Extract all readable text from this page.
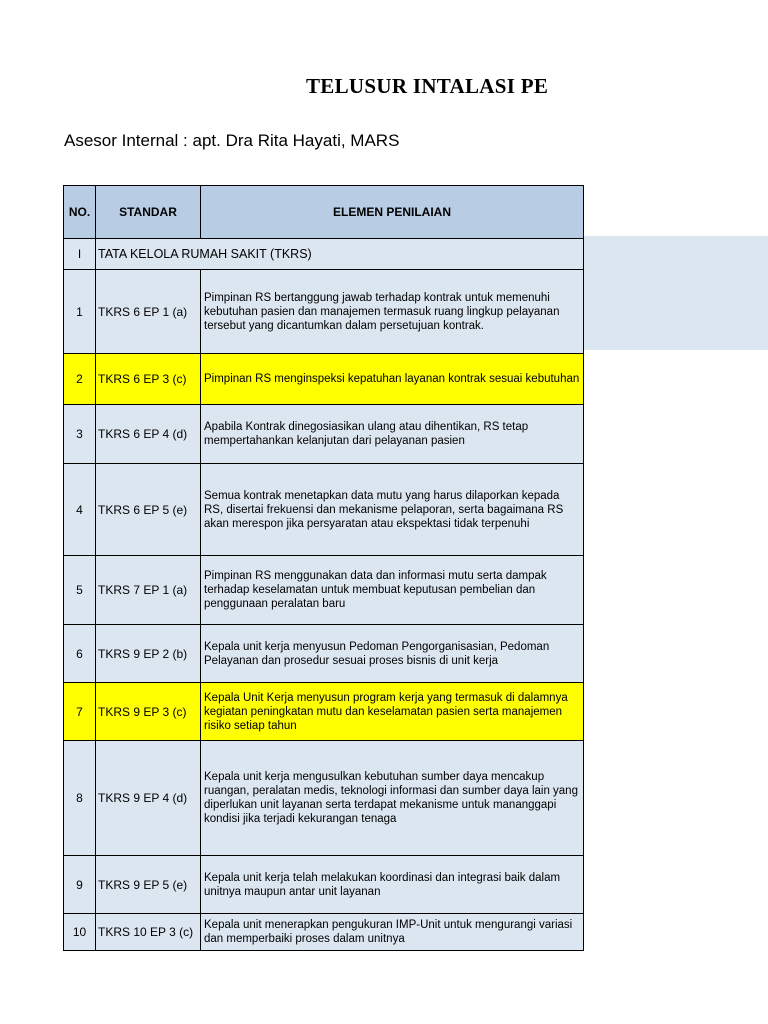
TELUSUR INTALASI PE
Asesor Internal : apt. Dra Rita Hayati, MARS
NO.	STANDAR	ELEMEN PENILAIAN
I	TATA KELOLA RUMAH SAKIT (TKRS)	
1	TKRS 6 EP 1 (a)	Pimpinan RS bertanggung jawab terhadap kontrak untuk memenuhi kebutuhan pasien dan manajemen termasuk ruang lingkup pelayanan tersebut yang dicantumkan dalam persetujuan kontrak.
2	TKRS 6 EP 3 (c)	Pimpinan RS menginspeksi kepatuhan layanan kontrak sesuai kebutuhan
3	TKRS 6 EP 4 (d)	Apabila Kontrak dinegosiasikan ulang atau dihentikan, RS tetap mempertahankan kelanjutan dari pelayanan pasien
4	TKRS 6 EP 5 (e)	Semua kontrak menetapkan data mutu yang harus dilaporkan kepada RS, disertai frekuensi dan mekanisme pelaporan, serta bagaimana RS akan merespon jika persyaratan atau ekspektasi tidak terpenuhi
5	TKRS 7 EP 1 (a)	Pimpinan RS menggunakan data dan informasi mutu serta dampak terhadap keselamatan untuk membuat keputusan pembelian dan penggunaan peralatan baru
6	TKRS 9 EP 2 (b)	Kepala unit kerja menyusun Pedoman Pengorganisasian, Pedoman Pelayanan dan prosedur sesuai proses bisnis di unit kerja
7	TKRS 9 EP 3 (c)	Kepala Unit Kerja menyusun program kerja yang termasuk di dalamnya kegiatan peningkatan mutu dan keselamatan pasien serta manajemen risiko setiap tahun
8	TKRS 9 EP 4 (d)	Kepala unit kerja mengusulkan kebutuhan sumber daya mencakup ruangan, peralatan medis, teknologi informasi dan sumber daya lain yang diperlukan unit layanan serta terdapat mekanisme untuk mananggapi kondisi jika terjadi kekurangan tenaga
9	TKRS 9 EP 5 (e)	Kepala unit kerja telah melakukan koordinasi dan integrasi baik dalam unitnya maupun antar unit layanan
10	TKRS 10 EP 3 (c)	Kepala unit menerapkan pengukuran IMP-Unit untuk mengurangi variasi dan memperbaiki proses dalam unitnya
